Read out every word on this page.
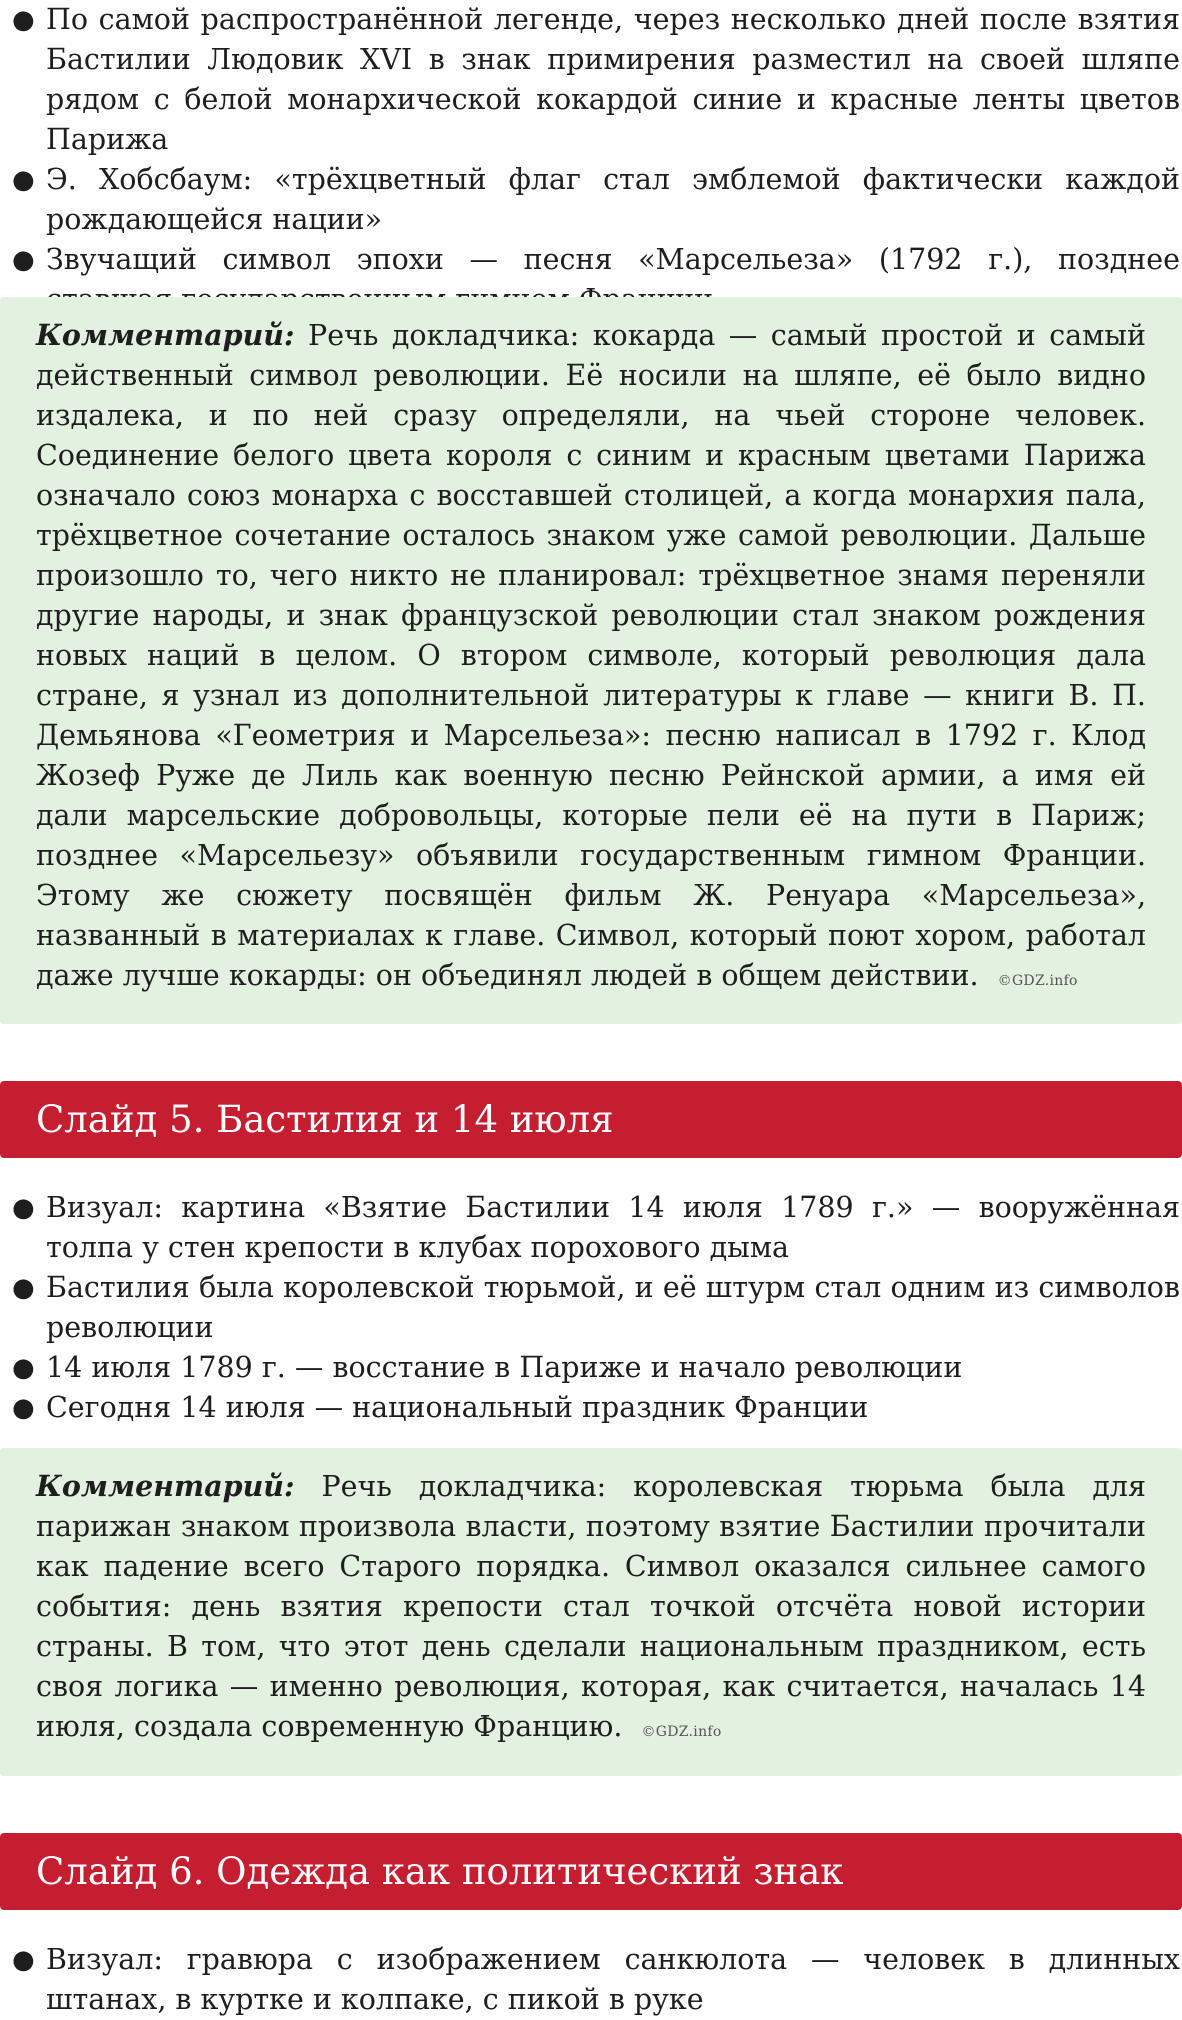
● По самой распространённой легенде, через несколько дней после взятия Бастилии Людовик XVI в знак примирения разместил на своей шляпе рядом с белой монархической кокардой синие и красные ленты цветов Парижа
● Э. Хобсбаум: «трёхцветный флаг стал эмблемой фактически каждой рождающейся нации»
● Звучащий символ эпохи — песня «Марсельеза» (1792 г.), позднее
Комментарий: Речь докладчика: кокарда — самый простой и самый действенный символ революции. Её носили на шляпе, её было видно издалека, и по ней сразу определяли, на чьей стороне человек. Соединение белого цвета короля с синим и красным цветами Парижа означало союз монарха с восставшей столицей, а когда монархия пала, трёхцветное сочетание осталось знаком уже самой революции. Дальше произошло то, чего никто не планировал: трёхцветное знамя переняли другие народы, и знак французской революции стал знаком рождения новых наций в целом. О втором символе, который революция дала стране, я узнал из дополнительной литературы к главе — книги В. П. Демьянова «Геометрия и Марсельеза»: песню написал в 1792 г. Клод Жозеф Руже де Лиль как военную песню Рейнской армии, а имя ей дали марсельские добровольцы, которые пели её на пути в Париж; позднее «Марсельезу» объявили государственным гимном Франции. Этому же сюжету посвящён фильм Ж. Ренуара «Марсельеза», названный в материалах к главе. Символ, который поют хором, работал даже лучше кокарды: он объединял людей в общем действии. ©GDZ.info
Слайд 5. Бастилия и 14 июля
● Визуал: картина «Взятие Бастилии 14 июля 1789 г.» — вооружённая толпа у стен крепости в клубах порохового дыма
● Бастилия была королевской тюрьмой, и её штурм стал одним из символов революции
● 14 июля 1789 г. — восстание в Париже и начало революции
● Сегодня 14 июля — национальный праздник Франции
Комментарий: Речь докладчика: королевская тюрьма была для парижан знаком произвола власти, поэтому взятие Бастилии прочитали как падение всего Старого порядка. Символ оказался сильнее самого события: день взятия крепости стал точкой отсчёта новой истории страны. В том, что этот день сделали национальным праздником, есть своя логика — именно революция, которая, как считается, началась 14 июля, создала современную Францию. ©GDZ.info
Слайд 6. Одежда как политический знак
● Визуал: гравюра с изображением санкюлота — человек в длинных штанах, в куртке и колпаке, с пикой в руке
